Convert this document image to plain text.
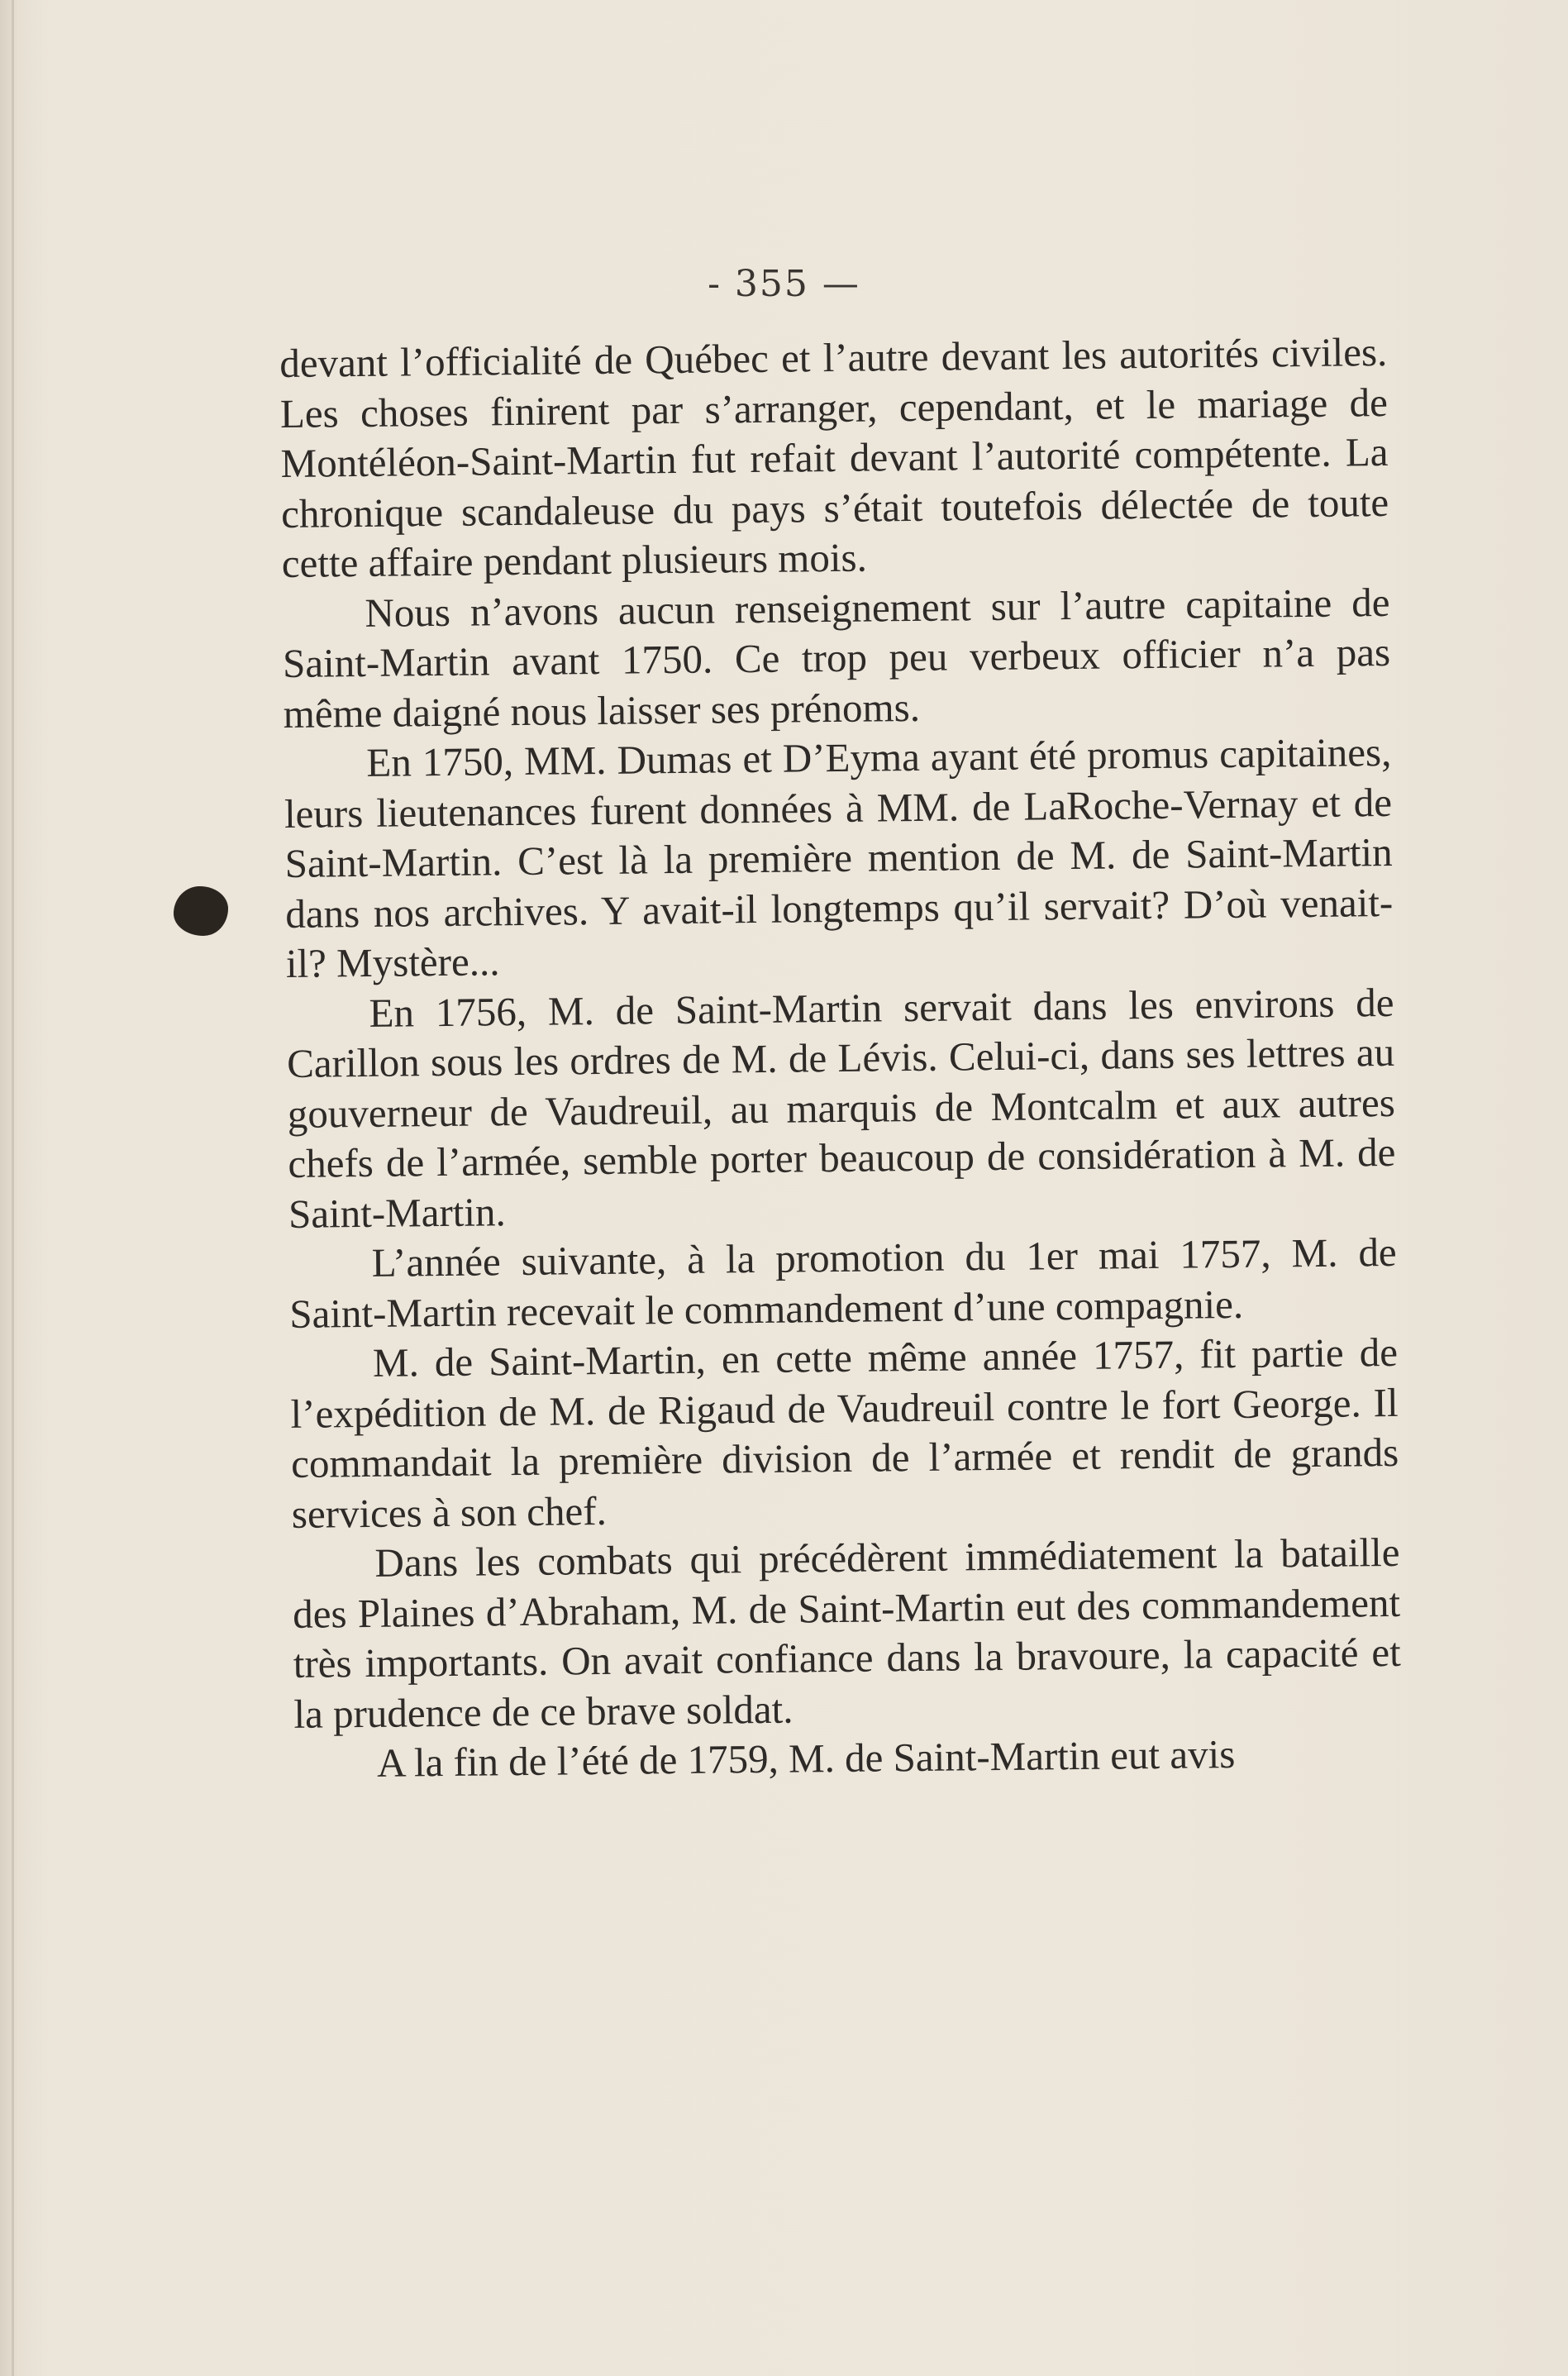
- 355 —

devant l’officialité de Québec et l’autre devant les autorités civiles. Les choses finirent par s’arranger, cependant, et le mariage de Montéléon-Saint-Martin fut refait devant l’autorité compétente. La chronique scandaleuse du pays s’était toutefois délectée de toute cette affaire pendant plusieurs mois.

Nous n’avons aucun renseignement sur l’autre capitaine de Saint-Martin avant 1750. Ce trop peu verbeux officier n’a pas même daigné nous laisser ses prénoms.

En 1750, MM. Dumas et D’Eyma ayant été promus capitaines, leurs lieutenances furent données à MM. de LaRoche-Vernay et de Saint-Martin. C’est là la première mention de M. de Saint-Martin dans nos archives. Y avait-il longtemps qu’il servait? D’où venait-il? Mystère...

En 1756, M. de Saint-Martin servait dans les environs de Carillon sous les ordres de M. de Lévis. Celui-ci, dans ses lettres au gouverneur de Vaudreuil, au marquis de Montcalm et aux autres chefs de l’armée, semble porter beaucoup de considération à M. de Saint-Martin.

L’année suivante, à la promotion du 1er mai 1757, M. de Saint-Martin recevait le commandement d’une compagnie.

M. de Saint-Martin, en cette même année 1757, fit partie de l’expédition de M. de Rigaud de Vaudreuil contre le fort George. Il commandait la première division de l’armée et rendit de grands services à son chef.

Dans les combats qui précédèrent immédiatement la bataille des Plaines d’Abraham, M. de Saint-Martin eut des commandement très importants. On avait confiance dans la bravoure, la capacité et la prudence de ce brave soldat.

A la fin de l’été de 1759, M. de Saint-Martin eut avis
